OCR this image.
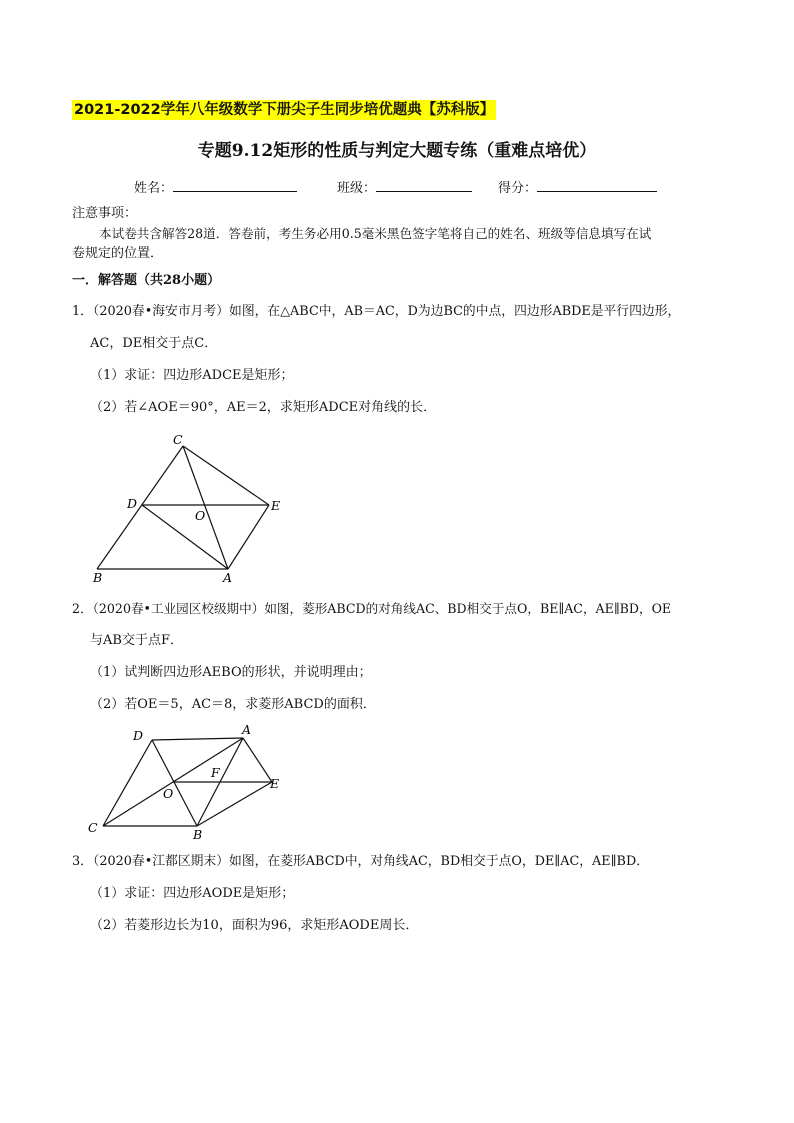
2021-2022学年八年级数学下册尖子生同步培优题典【苏科版】
专题9.12矩形的性质与判定大题专练（重难点培优）
姓名：	班级：	得分：
注意事项：
本试卷共含解答28道．答卷前，考生务必用0.5毫米黑色签字笔将自己的姓名、班级等信息填写在试
卷规定的位置．
一．解答题（共28小题）
1．（2020春•海安市月考）如图，在△ABC中，AB＝AC，D为边BC的中点，四边形ABDE是平行四边形，
AC，DE相交于点C．
（1）求证：四边形ADCE是矩形；
（2）若∠AOE＝90°，AE＝2，求矩形ADCE对角线的长．
C
D
O
E
B	A
2．（2020春•工业园区校级期中）如图，菱形ABCD的对角线AC、BD相交于点O，BE∥AC，AE∥BD，OE
与AB交于点F．
（1）试判断四边形AEBO的形状，并说明理由；
（2）若OE＝5，AC＝8，求菱形ABCD的面积．
D	A
F
E
O
C	B
3．（2020春•江都区期末）如图，在菱形ABCD中，对角线AC，BD相交于点O，DE∥AC，AE∥BD．
（1）求证：四边形AODE是矩形；
（2）若菱形边长为10，面积为96，求矩形AODE周长．
